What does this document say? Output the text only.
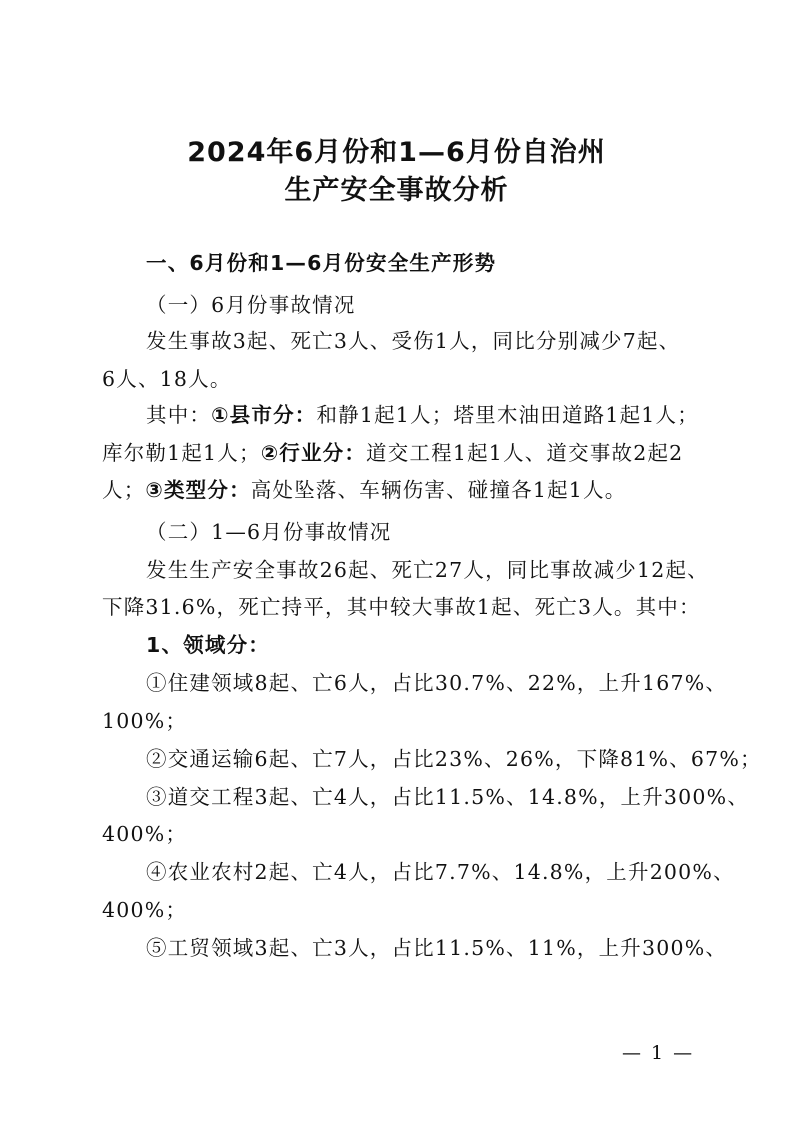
2024年6月份和1—6月份自治州
生产安全事故分析
一、6月份和1—6月份安全生产形势
（一）6月份事故情况
发生事故3起、死亡3人、受伤1人，同比分别减少7起、
6人、18人。
其中：①县市分：和静1起1人；塔里木油田道路1起1人；
库尔勒1起1人；②行业分：道交工程1起1人、道交事故2起2
人；③类型分：高处坠落、车辆伤害、碰撞各1起1人。
（二）1—6月份事故情况
发生生产安全事故26起、死亡27人，同比事故减少12起、
下降31.6%，死亡持平，其中较大事故1起、死亡3人。其中：
1、领域分：
①住建领域8起、亡6人，占比30.7%、22%，上升167%、
100%；
②交通运输6起、亡7人，占比23%、26%，下降81%、67%；
③道交工程3起、亡4人，占比11.5%、14.8%，上升300%、
400%；
④农业农村2起、亡4人，占比7.7%、14.8%，上升200%、
400%；
⑤工贸领域3起、亡3人，占比11.5%、11%，上升300%、
— 1 —
